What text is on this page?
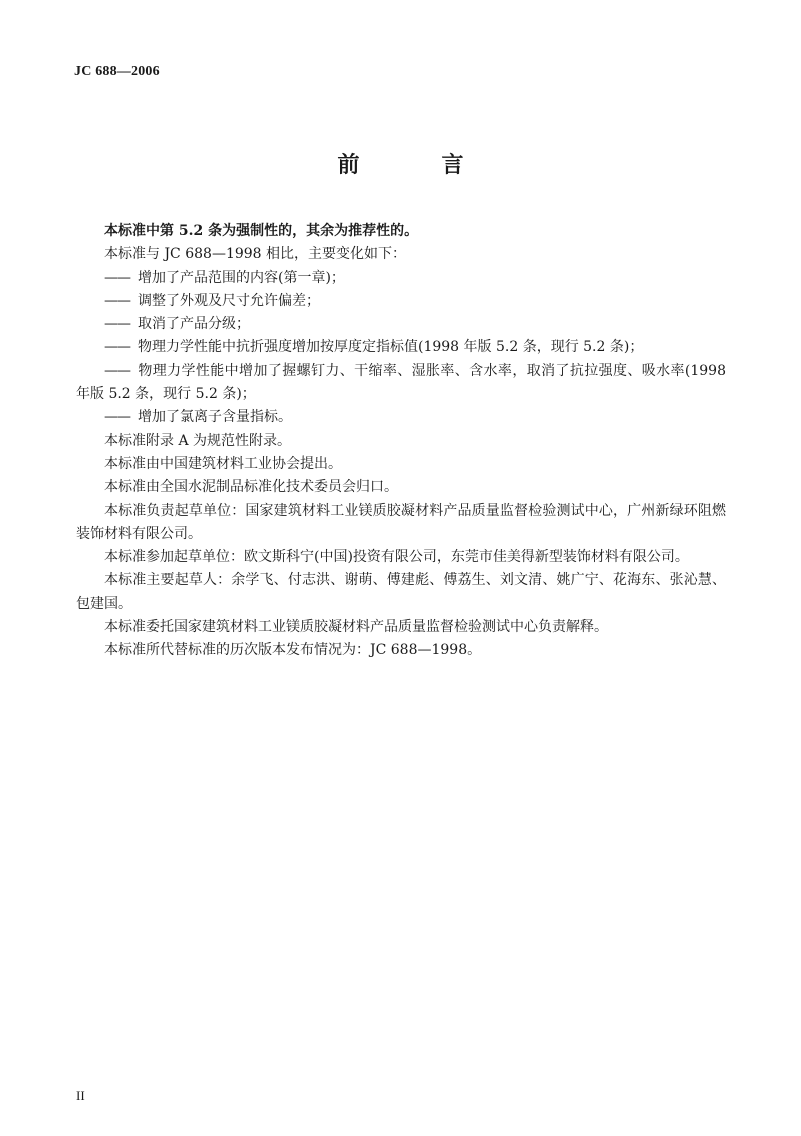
JC 688—2006
前　言

本标准中第 5.2 条为强制性的，其余为推荐性的。

本标准与 JC 688—1998 相比，主要变化如下：

—— 增加了产品范围的内容(第一章)；

—— 调整了外观及尺寸允许偏差；

—— 取消了产品分级；

—— 物理力学性能中抗折强度增加按厚度定指标值(1998 年版 5.2 条，现行 5.2 条)；

—— 物理力学性能中增加了握螺钉力、干缩率、湿胀率、含水率，取消了抗拉强度、吸水率(1998 年版 5.2 条，现行 5.2 条)；

—— 增加了氯离子含量指标。

本标准附录 A 为规范性附录。

本标准由中国建筑材料工业协会提出。

本标准由全国水泥制品标准化技术委员会归口。

本标准负责起草单位：国家建筑材料工业镁质胶凝材料产品质量监督检验测试中心，广州新绿环阻燃装饰材料有限公司。

本标准参加起草单位：欧文斯科宁(中国)投资有限公司，东莞市佳美得新型装饰材料有限公司。

本标准主要起草人：余学飞、付志洪、谢萌、傅建彪、傅荔生、刘文清、姚广宁、花海东、张沁慧、包建国。

本标准委托国家建筑材料工业镁质胶凝材料产品质量监督检验测试中心负责解释。

本标准所代替标准的历次版本发布情况为：JC 688—1998。

II
